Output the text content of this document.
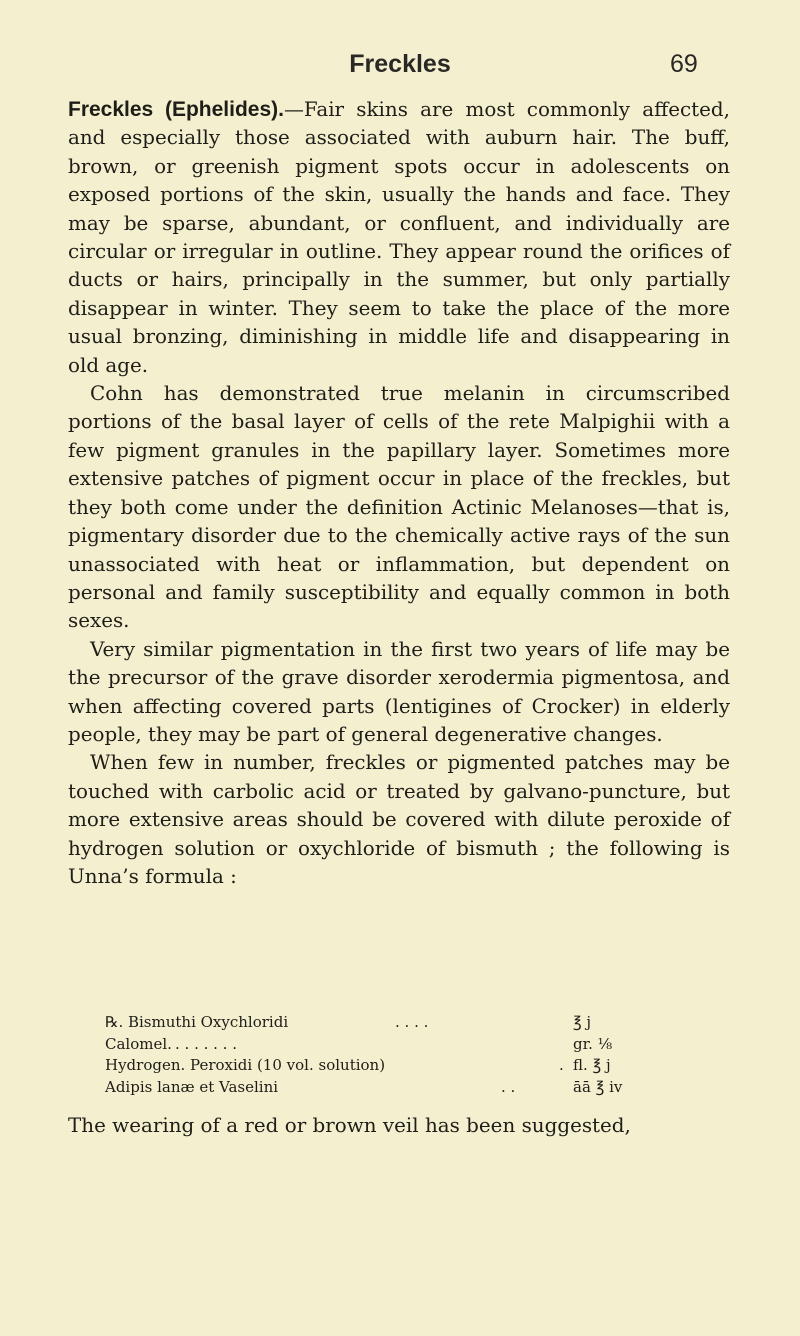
Freckles	69

Freckles (Ephelides).—Fair skins are most commonly affected, and especially those associated with auburn hair. The buff, brown, or greenish pigment spots occur in adolescents on exposed portions of the skin, usually the hands and face. They may be sparse, abundant, or confluent, and individually are circular or irregular in outline. They appear round the orifices of ducts or hairs, principally in the summer, but only partially disappear in winter. They seem to take the place of the more usual bronzing, diminishing in middle life and disappearing in old age.

Cohn has demonstrated true melanin in circumscribed portions of the basal layer of cells of the rete Malpighii with a few pigment granules in the papillary layer. Sometimes more extensive patches of pigment occur in place of the freckles, but they both come under the definition Actinic Melanoses—that is, pigmentary disorder due to the chemically active rays of the sun unassociated with heat or inflammation, but dependent on personal and family susceptibility and equally common in both sexes.

Very similar pigmentation in the first two years of life may be the precursor of the grave disorder xerodermia pigmentosa, and when affecting covered parts (lentigines of Crocker) in elderly people, they may be part of general degenerative changes.

When few in number, freckles or pigmented patches may be touched with carbolic acid or treated by galvano-puncture, but more extensive areas should be covered with dilute peroxide of hydrogen solution or oxychloride of bismuth ; the following is Unna’s formula :

℞. Bismuthi Oxychloridi	. . . .	℥ j
Calomel. . . . . . . .	gr. ⅛
Hydrogen. Peroxidi (10 vol. solution)	. fl. ℥ j
Adipis lanæ et Vaselini	. .	āā ℥ iv
The wearing of a red or brown veil has been suggested,
